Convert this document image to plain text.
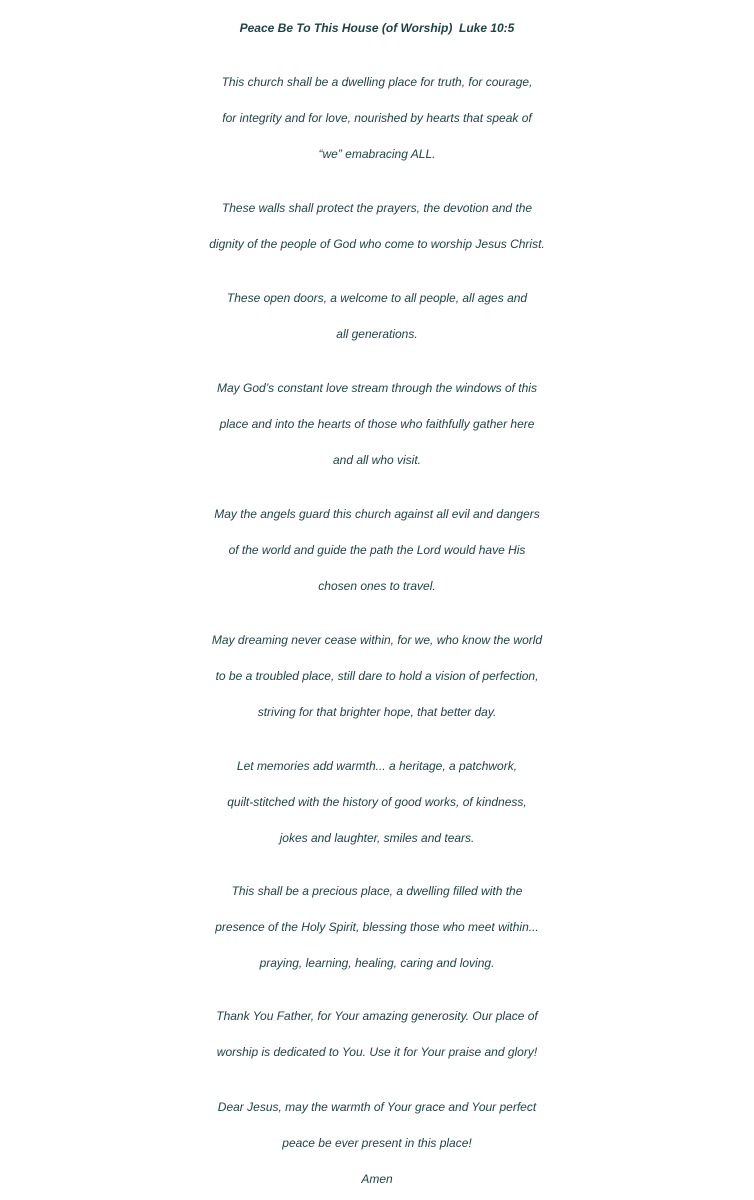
Peace Be To This House (of Worship)  Luke 10:5

This church shall be a dwelling place for truth, for courage,
for integrity and for love, nourished by hearts that speak of
“we” emabracing ALL.

These walls shall protect the prayers, the devotion and the
dignity of the people of God who come to worship Jesus Christ.

These open doors, a welcome to all people, all ages and
all generations.

May God’s constant love stream through the windows of this
place and into the hearts of those who faithfully gather here
and all who visit.

May the angels guard this church against all evil and dangers
of the world and guide the path the Lord would have His
chosen ones to travel.

May dreaming never cease within, for we, who know the world
to be a troubled place, still dare to hold a vision of perfection,
striving for that brighter hope, that better day.

Let memories add warmth... a heritage, a patchwork,
quilt-stitched with the history of good works, of kindness,
jokes and laughter, smiles and tears.

This shall be a precious place, a dwelling filled with the
presence of the Holy Spirit, blessing those who meet within...
praying, learning, healing, caring and loving.

Thank You Father, for Your amazing generosity. Our place of
worship is dedicated to You. Use it for Your praise and glory!

Dear Jesus, may the warmth of Your grace and Your perfect
peace be ever present in this place!
Amen
